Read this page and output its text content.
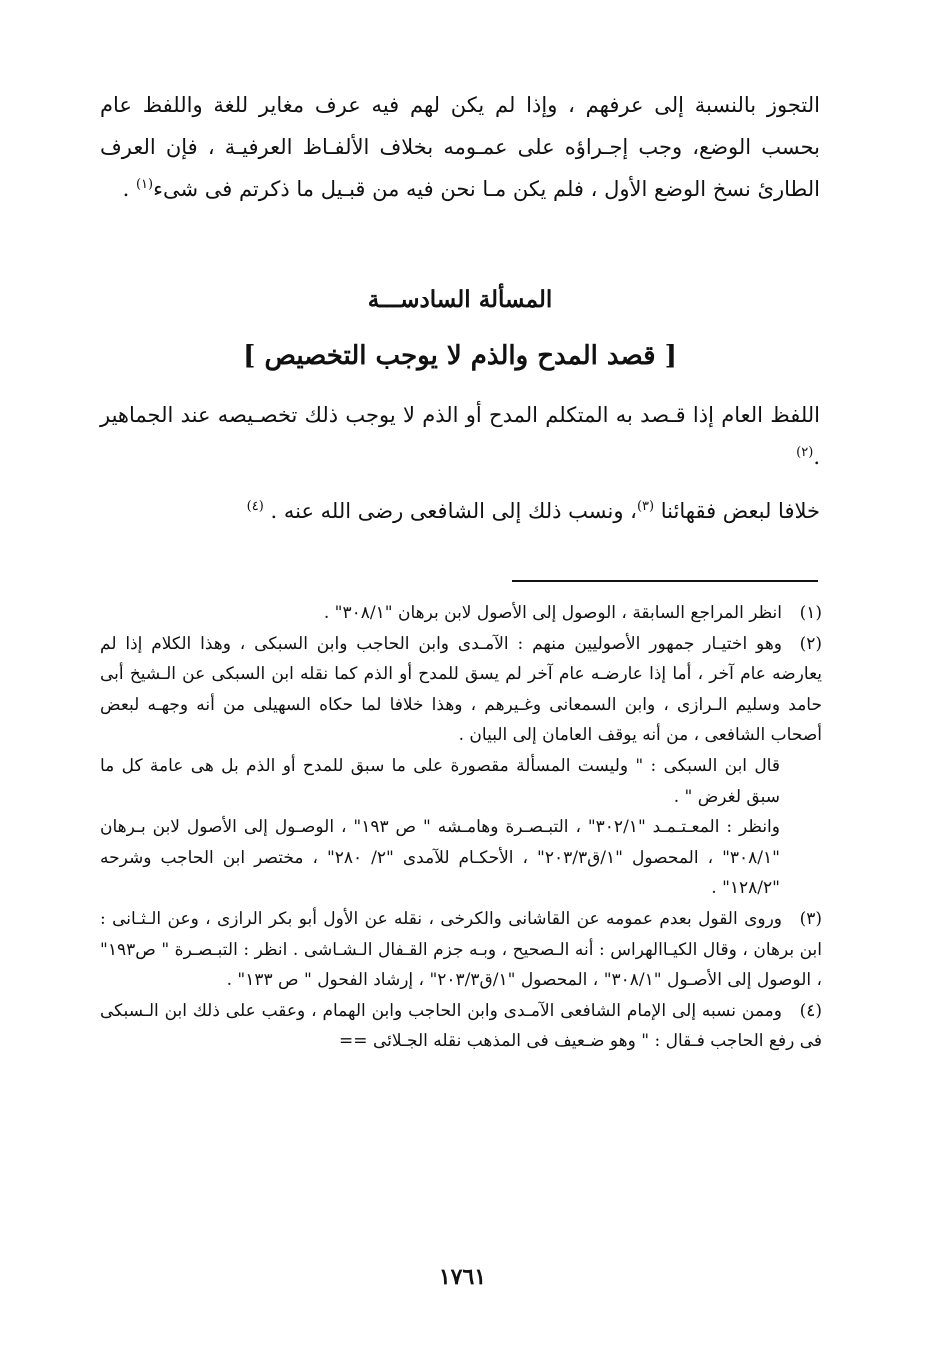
التجوز بالنسبة إلى عرفهم ، وإذا لم يكن لهم فيه عرف مغاير للغة واللفظ عام بحسب الوضع، وجب إجـراؤه على عمـومه بخلاف الألفـاظ العرفيـة ، فإن العرف الطارئ نسخ الوضع الأول ، فلم يكن مـا نحن فيه من قبـيل ما ذكرتم فى شىء$^{(١)}$ .

المسألة السادســـة
[ قصد المدح والذم لا يوجب التخصيص ]

اللفظ العام إذا قـصد به المتكلم المدح أو الذم لا يوجب ذلك تخصـيصه عند الجماهير .$^{(٢)}$

خلافا لبعض فقهائنا $^{(٣)}$، ونسب ذلك إلى الشافعى رضى الله عنه . $^{(٤)}$

(١)انظر المراجع السابقة ، الوصول إلى الأصول لابن برهان "٣٠٨/١" .

(٢)وهو اختيـار جمهور الأصوليين منهم : الآمـدى وابن الحاجب وابن السبكى ، وهذا الكلام إذا لم يعارضه عام آخر ، أما إذا عارضـه عام آخر لم يسق للمدح أو الذم كما نقله ابن السبكى عن الـشيخ أبى حامد وسليم الـرازى ، وابن السمعانى وغـيرهم ، وهذا خلافا لما حكاه السهيلى من أنه وجهـه لبعض أصحاب الشافعى ، من أنه يوقف العامان إلى البيان .

قال ابن السبكى : " وليست المسألة مقصورة على ما سبق للمدح أو الذم بل هى عامة كل ما سبق لغرض " .

وانظر : المعـتـمـد "٣٠٢/١" ، التبـصـرة وهامـشه " ص ١٩٣" ، الوصـول إلى الأصول لابن بـرهان "٣٠٨/١" ، المحصول "١/ق٢٠٣/٣" ، الأحكـام للآمدى "٢/ ٢٨٠" ، مختصر ابن الحاجب وشرحه "١٢٨/٢" .

(٣)وروى القول بعدم عمومه عن القاشانى والكرخى ، نقله عن الأول أبو بكر الرازى ، وعن الـثـانى : ابن برهان ، وقال الكيـاالهراس : أنه الـصحيح ، وبـه جزم القـفال الـشـاشى . انظر : التبـصـرة " ص١٩٣" ، الوصول إلى الأصـول "٣٠٨/١" ، المحصول "١/ق٢٠٣/٣" ، إرشاد الفحول " ص ١٣٣" .

(٤)وممن نسبه إلى الإمام الشافعى الآمـدى وابن الحاجب وابن الهمام ، وعقب على ذلك ابن الـسبكى فى رفع الحاجب فـقال : " وهو ضـعيف فى المذهب نقله الجـلائى ==

١٧٦١
